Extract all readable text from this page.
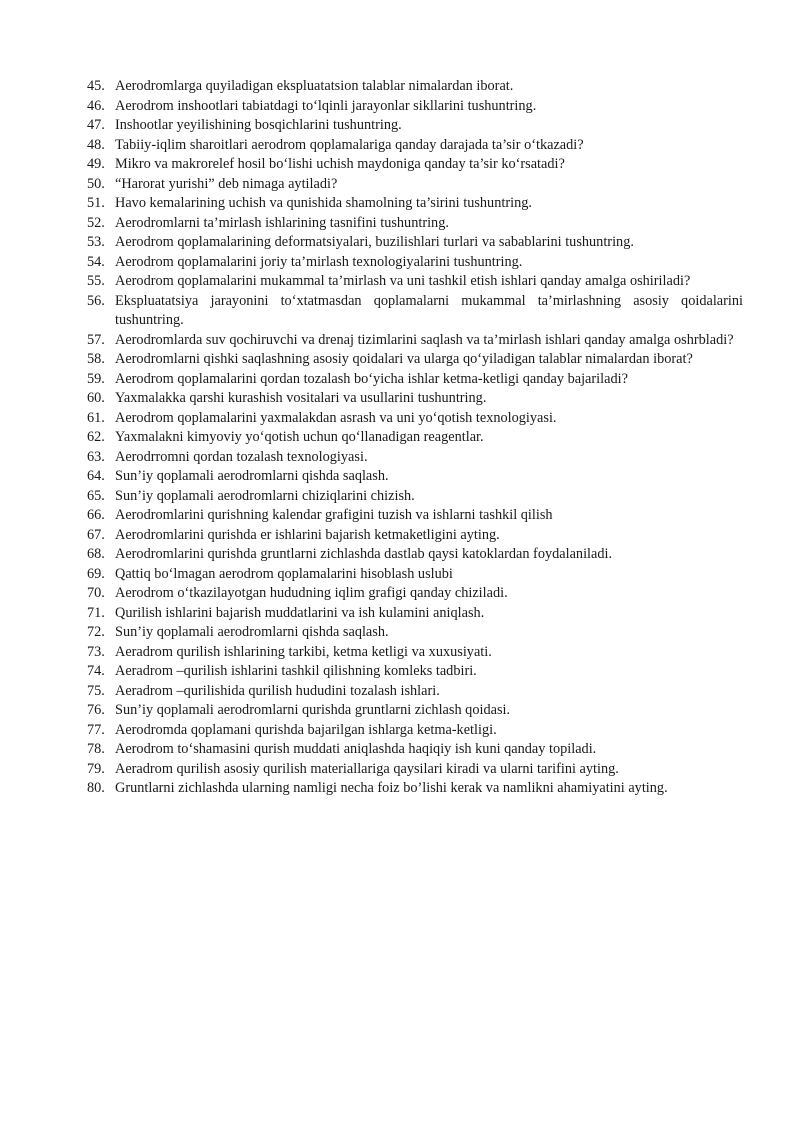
45. Aerodromlarga quyiladigan ekspluatatsion talablar nimalardan iborat.
46. Aerodrom inshootlari tabiatdagi to‘lqinli jarayonlar sikllarini tushuntring.
47. Inshootlar yeyilishining bosqichlarini tushuntring.
48. Tabiiy-iqlim sharoitlari aerodrom qoplamalariga qanday darajada ta’sir o‘tkazadi?
49. Mikro va makrorelef hosil bo‘lishi uchish maydoniga qanday ta’sir ko‘rsatadi?
50. “Harorat yurishi” deb nimaga aytiladi?
51. Havo kemalarining uchish va qunishida shamolning ta’sirini tushuntring.
52. Aerodromlarni ta’mirlash ishlarining tasnifini tushuntring.
53. Aerodrom qoplamalarining deformatsiyalari, buzilishlari turlari va sabablarini tushuntring.
54. Aerodrom qoplamalarini joriy ta’mirlash texnologiyalarini tushuntring.
55. Aerodrom qoplamalarini mukammal ta’mirlash va uni tashkil etish ishlari qanday amalga oshiriladi?
56. Ekspluatatsiya jarayonini to‘xtatmasdan qoplamalarni mukammal ta’mirlashning asosiy qoidalarini tushuntring.
57. Aerodromlarda suv qochiruvchi va drenaj tizimlarini saqlash va ta’mirlash ishlari qanday amalga oshrbladi?
58. Aerodromlarni qishki saqlashning asosiy qoidalari va ularga qo‘yiladigan talablar nimalardan iborat?
59. Aerodrom qoplamalarini qordan tozalash bo‘yicha ishlar ketma-ketligi qanday bajariladi?
60. Yaxmalakka qarshi kurashish vositalari va usullarini tushuntring.
61. Aerodrom qoplamalarini yaxmalakdan asrash va uni yo‘qotish texnologiyasi.
62. Yaxmalakni kimyoviy yo‘qotish uchun qo‘llanadigan reagentlar.
63. Aerodrromni qordan tozalash texnologiyasi.
64. Sun’iy qoplamali aerodromlarni qishda saqlash.
65. Sun’iy qoplamali aerodromlarni chiziqlarini chizish.
66. Aerodromlarini qurishning kalendar grafigini tuzish va ishlarni tashkil qilish
67. Aerodromlarini qurishda er ishlarini bajarish ketmaketligini ayting.
68. Aerodromlarini qurishda gruntlarni zichlashda dastlab qaysi katoklardan foydalaniladi.
69. Qattiq bo‘lmagan aerodrom qoplamalarini hisoblash uslubi
70. Aerodrom o‘tkazilayotgan hududning iqlim grafigi qanday chiziladi.
71. Qurilish ishlarini bajarish muddatlarini va ish kulamini aniqlash.
72. Sun’iy qoplamali aerodromlarni qishda saqlash.
73. Aeradrom qurilish ishlarining tarkibi, ketma ketligi va xuxusiyati.
74. Aeradrom –qurilish ishlarini tashkil qilishning komleks tadbiri.
75. Aeradrom –qurilishida qurilish hududini tozalash ishlari.
76. Sun’iy qoplamali aerodromlarni qurishda gruntlarni zichlash qoidasi.
77. Aerodromda qoplamani qurishda bajarilgan ishlarga ketma-ketligi.
78. Aerodrom to‘shamasini qurish muddati aniqlashda haqiqiy ish kuni qanday topiladi.
79. Aeradrom qurilish asosiy qurilish materiallariga qaysilari kiradi va ularni tarifini ayting.
80. Gruntlarni zichlashda ularning namligi necha foiz bo’lishi kerak va namlikni ahamiyatini ayting.
